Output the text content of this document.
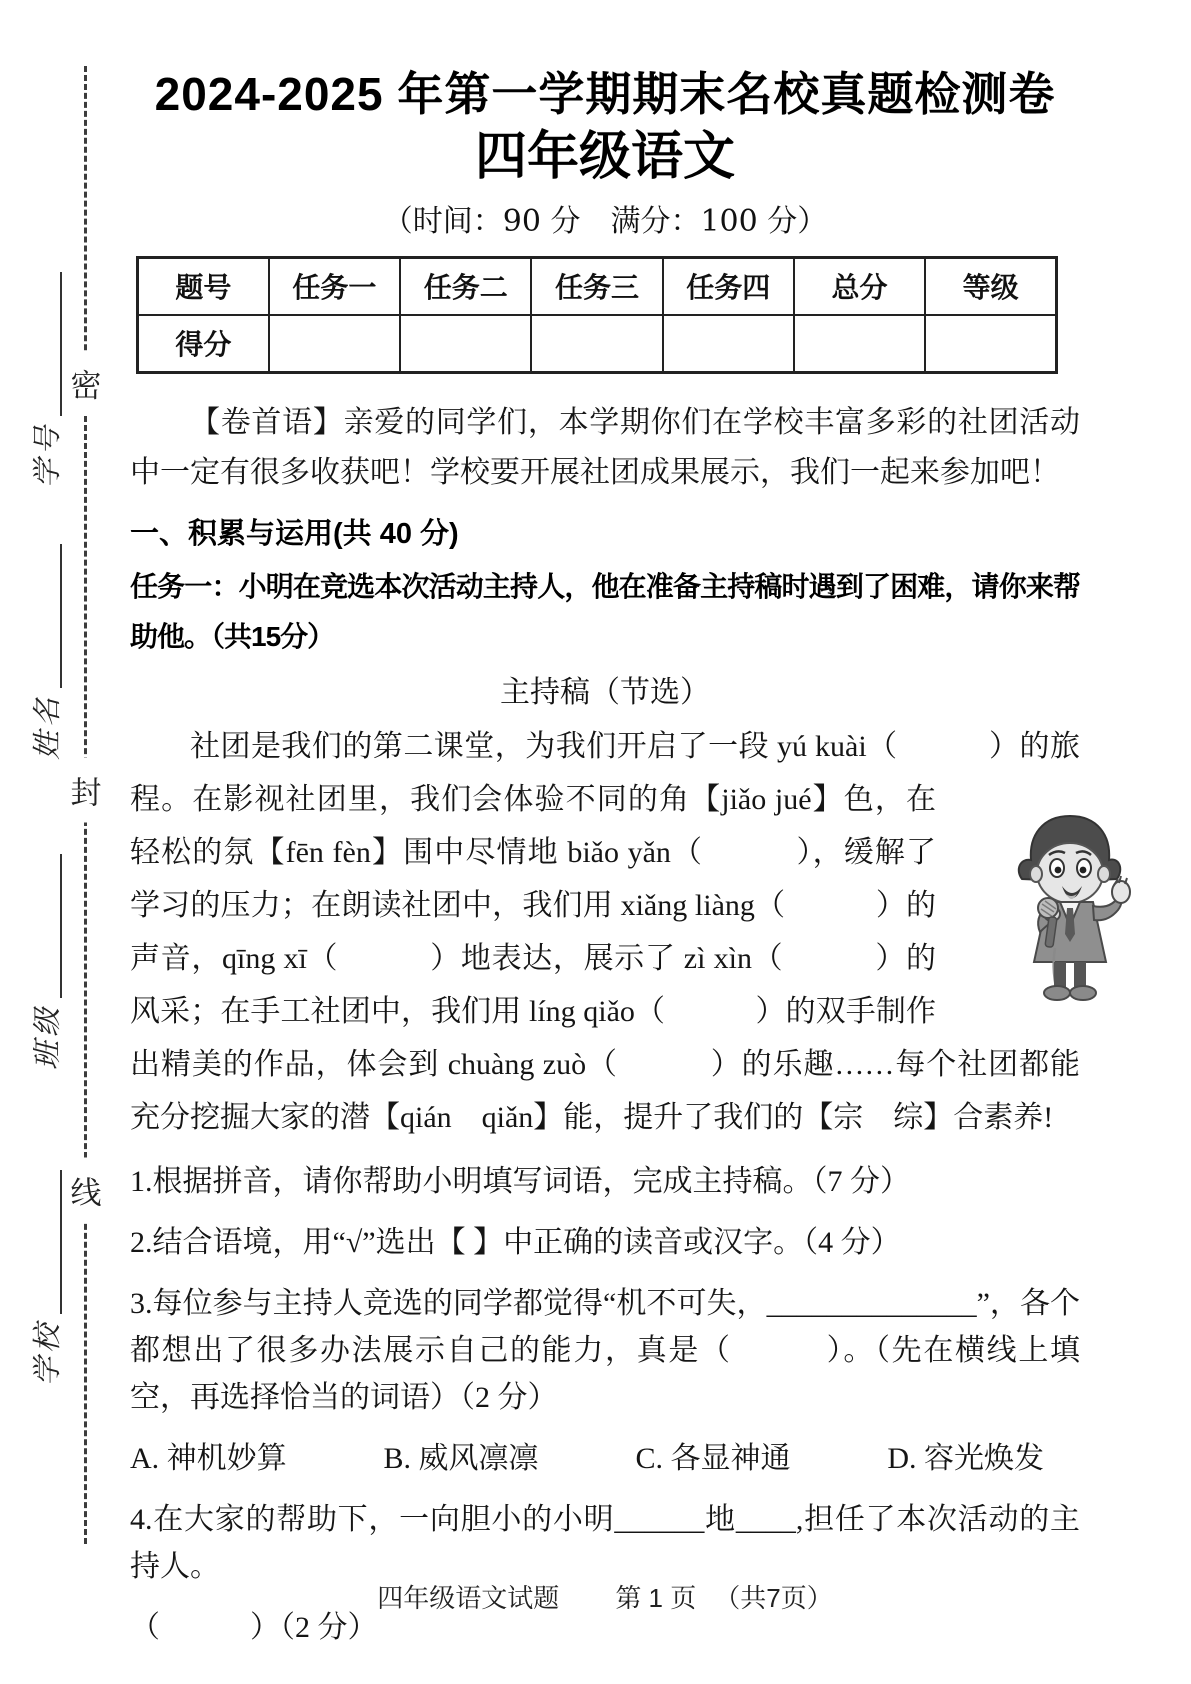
密
封
线
学号
姓名
班级
学校
2024-2025 年第一学期期末名校真题检测卷
四年级语文
（时间：90 分　满分：100 分）
题号	任务一	任务二	任务三	任务四	总分	等级
得分						

【卷首语】亲爱的同学们，本学期你们在学校丰富多彩的社团活动中一定有很多收获吧！学校要开展社团成果展示，我们一起来参加吧！

一、积累与运用(共 40 分)

任务一：小明在竞选本次活动主持人，他在准备主持稿时遇到了困难，请你来帮助他。（共15分）

主持稿（节选）
社团是我们的第二课堂，为我们开启了一段 yú kuài（　　　）的旅程。在影视社团里，我们会体验不同的角【jiǎo jué】色，在轻松的氛【fēn fèn】围中尽情地 biǎo yǎn（　　　），缓解了学习的压力；在朗读社团中，我们用 xiǎng liàng（　　　）的声音，qīng xī（　　　）地表达，展示了 zì xìn（　　　）的风采；在手工社团中，我们用 líng qiǎo（　　　）的双手制作出精美的作品，体会到 chuàng zuò（　　　）的乐趣……每个社团都能充分挖掘大家的潜【qián　qiǎn】能，提升了我们的【宗　综】合素养!

1.根据拼音，请你帮助小明填写词语，完成主持稿。（7 分）

2.结合语境，用“√”选出【 】中正确的读音或汉字。（4 分）

3.每位参与主持人竞选的同学都觉得“机不可失，______________”，各个都想出了很多办法展示自己的能力，真是（　　　）。（先在横线上填空，再选择恰当的词语）（2 分）

A. 神机妙算	B. 威风凛凛	C. 各显神通	D. 容光焕发

4.在大家的帮助下，一向胆小的小明______地____,担任了本次活动的主持人。

（　　　）（2 分）

四年级语文试题 第 1 页 （共7页）
